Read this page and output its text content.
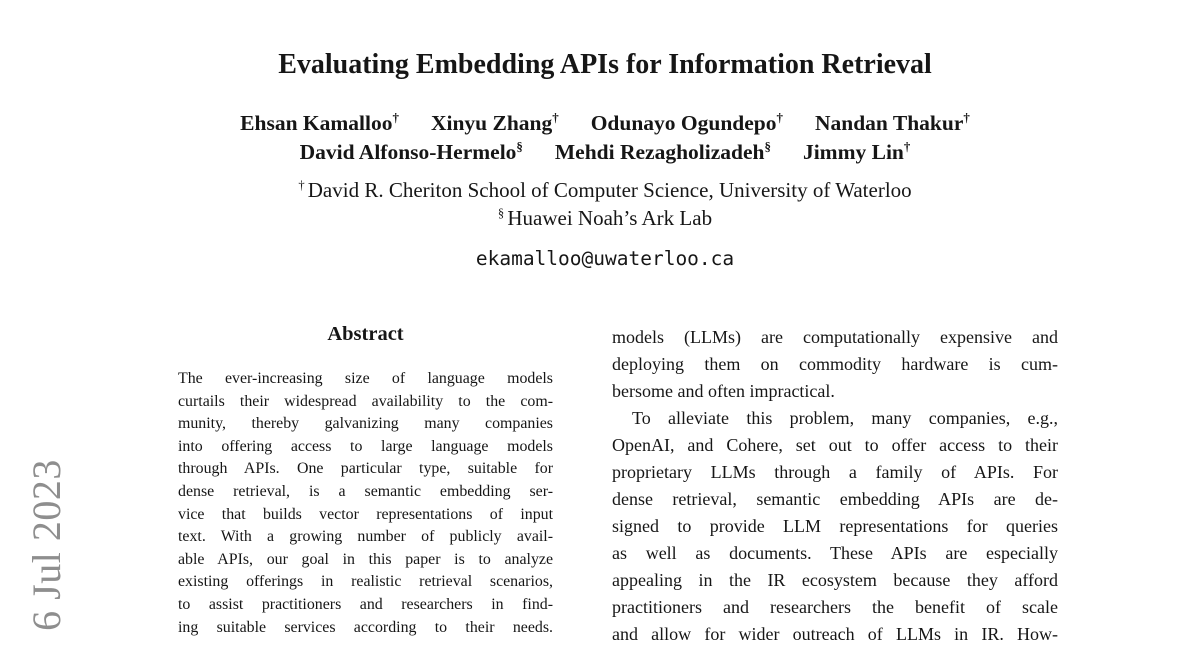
6 Jul 2023
Evaluating Embedding APIs for Information Retrieval
Ehsan Kamalloo† Xinyu Zhang† Odunayo Ogundepo† Nandan Thakur†
David Alfonso-Hermelo§ Mehdi Rezagholizadeh§ Jimmy Lin†
† David R. Cheriton School of Computer Science, University of Waterloo
§ Huawei Noah’s Ark Lab
ekamalloo@uwaterloo.ca
Abstract
The ever-increasing size of language models
curtails their widespread availability to the com-
munity, thereby galvanizing many companies
into offering access to large language models
through APIs. One particular type, suitable for
dense retrieval, is a semantic embedding ser-
vice that builds vector representations of input
text. With a growing number of publicly avail-
able APIs, our goal in this paper is to analyze
existing offerings in realistic retrieval scenarios,
to assist practitioners and researchers in find-
ing suitable services according to their needs.
models (LLMs) are computationally expensive and
deploying them on commodity hardware is cum-
bersome and often impractical.
To alleviate this problem, many companies, e.g.,
OpenAI, and Cohere, set out to offer access to their
proprietary LLMs through a family of APIs. For
dense retrieval, semantic embedding APIs are de-
signed to provide LLM representations for queries
as well as documents. These APIs are especially
appealing in the IR ecosystem because they afford
practitioners and researchers the benefit of scale
and allow for wider outreach of LLMs in IR. How-
